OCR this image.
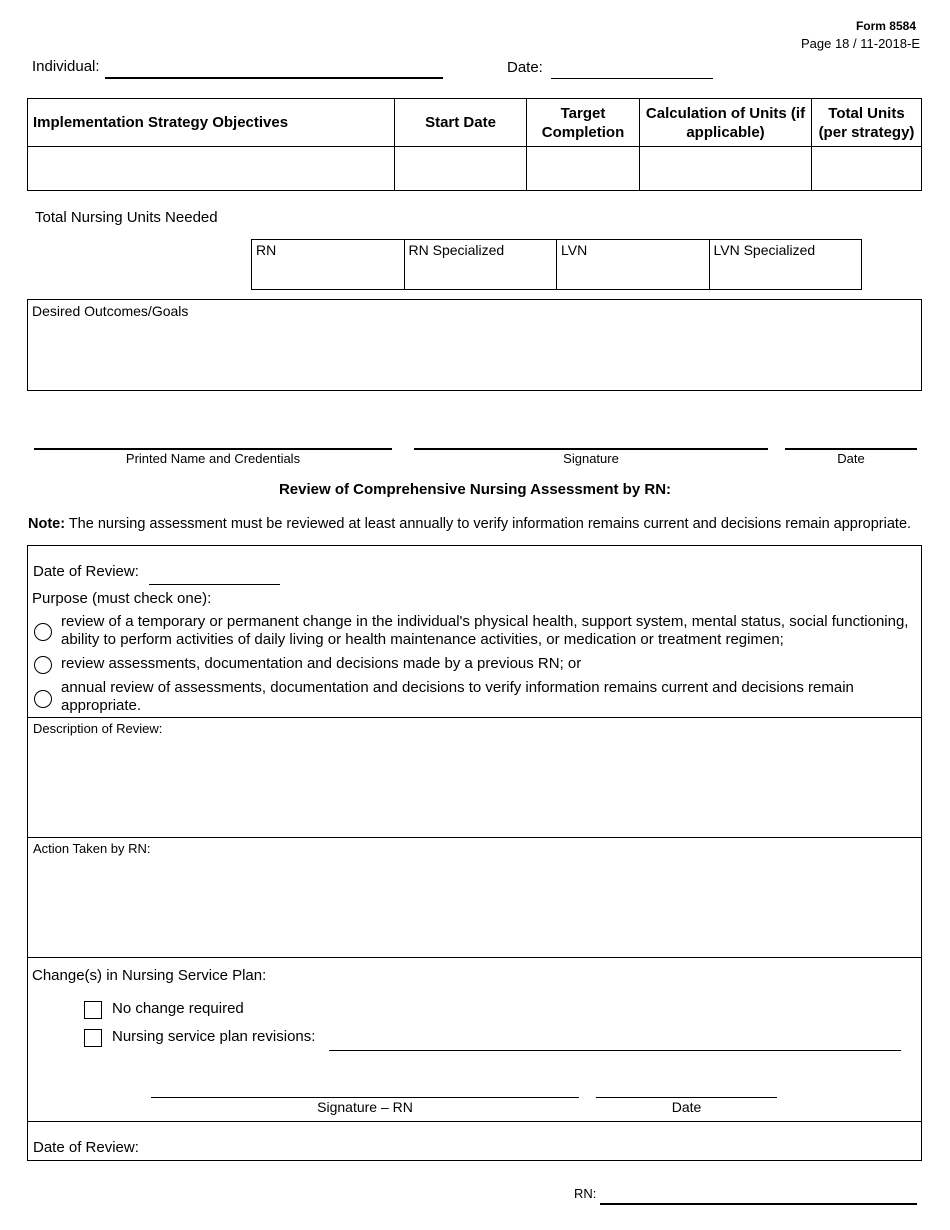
Form 8584
Page 18 / 11-2018-E
Individual:	Date:
Implementation Strategy Objectives	Start Date	Target Completion	Calculation of Units (if applicable)	Total Units (per strategy)

Total Nursing Units Needed
RN	RN Specialized	LVN	LVN Specialized
Desired Outcomes/Goals
Printed Name and Credentials	Signature	Date
Review of Comprehensive Nursing Assessment by RN:
Note: The nursing assessment must be reviewed at least annually to verify information remains current and decisions remain appropriate.
Date of Review:
Purpose (must check one):
review of a temporary or permanent change in the individual's physical health, support system, mental status, social functioning, ability to perform activities of daily living or health maintenance activities, or medication or treatment regimen;
review assessments, documentation and decisions made by a previous RN; or
annual review of assessments, documentation and decisions to verify information remains current and decisions remain appropriate.
Description of Review:
Action Taken by RN:
Change(s) in Nursing Service Plan:
No change required
Nursing service plan revisions:
Signature – RN	Date
Date of Review:
RN:
